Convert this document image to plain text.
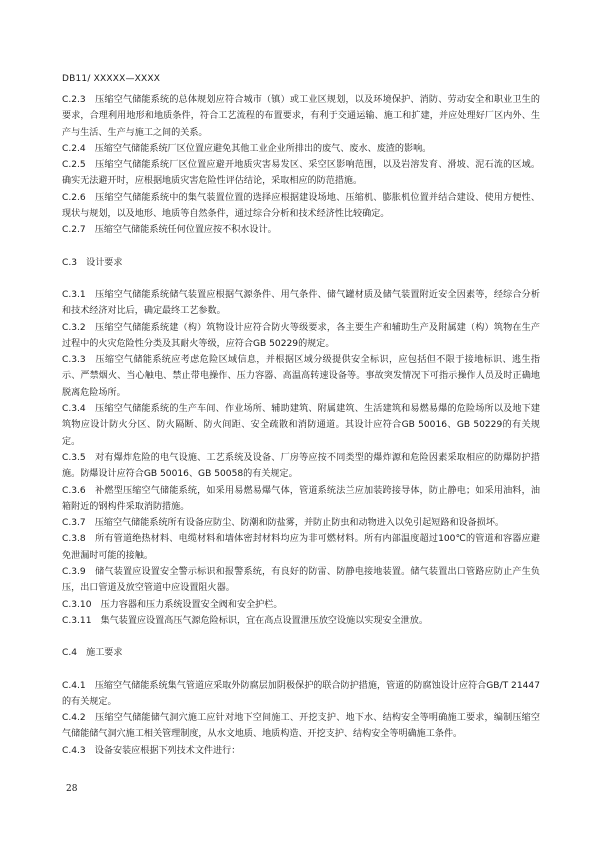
DB11/ XXXXX—XXXX

C.2.3　压缩空气储能系统的总体规划应符合城市（镇）或工业区规划，以及环境保护、消防、劳动安全和职业卫生的要求，合理利用地形和地质条件，符合工艺流程的布置要求，有利于交通运输、施工和扩建，并应处理好厂区内外、生产与生活、生产与施工之间的关系。

C.2.4　压缩空气储能系统厂区位置应避免其他工业企业所排出的废气、废水、废渣的影响。

C.2.5　压缩空气储能系统厂区位置应避开地质灾害易发区、采空区影响范围，以及岩溶发育、滑坡、泥石流的区域。确实无法避开时，应根据地质灾害危险性评估结论，采取相应的防范措施。

C.2.6　压缩空气储能系统中的集气装置位置的选择应根据建设场地、压缩机、膨胀机位置并结合建设、使用方便性、现状与规划，以及地形、地质等自然条件，通过综合分析和技术经济性比较确定。

C.2.7　压缩空气储能系统任何位置应按不积水设计。

C.3　设计要求

C.3.1　压缩空气储能系统储气装置应根据气源条件、用气条件、储气罐材质及储气装置附近安全因素等，经综合分析和技术经济对比后，确定最终工艺参数。

C.3.2　压缩空气储能系统建（构）筑物设计应符合防火等级要求，各主要生产和辅助生产及附属建（构）筑物在生产过程中的火灾危险性分类及其耐火等级，应符合GB 50229的规定。

C.3.3　压缩空气储能系统应考虑危险区域信息，并根据区域分级提供安全标识，应包括但不限于接地标识、逃生指示、严禁烟火、当心触电、禁止带电操作、压力容器、高温高转速设备等。事故突发情况下可指示操作人员及时正确地脱离危险场所。

C.3.4　压缩空气储能系统的生产车间、作业场所、辅助建筑、附属建筑、生活建筑和易燃易爆的危险场所以及地下建筑物应设计防火分区、防火隔断、防火间距、安全疏散和消防通道。其设计应符合GB 50016、GB 50229的有关规定。

C.3.5　对有爆炸危险的电气设施、工艺系统及设备、厂房等应按不同类型的爆炸源和危险因素采取相应的防爆防护措施。防爆设计应符合GB 50016、GB 50058的有关规定。

C.3.6　补燃型压缩空气储能系统，如采用易燃易爆气体，管道系统法兰应加装跨接导体，防止静电；如采用油料，油箱附近的钢构件采取消防措施。

C.3.7　压缩空气储能系统所有设备应防尘、防潮和防盐雾，并防止防虫和动物进入以免引起短路和设备损坏。

C.3.8　所有管道绝热材料、电缆材料和墙体密封材料均应为非可燃材料。所有内部温度超过100℃的管道和容器应避免泄漏时可能的接触。

C.3.9　储气装置应设置安全警示标识和报警系统，有良好的防雷、防静电接地装置。储气装置出口管路应防止产生负压，出口管道及放空管道中应设置阻火器。

C.3.10　压力容器和压力系统设置安全阀和安全护栏。

C.3.11　集气装置应设置高压气源危险标识，宜在高点设置泄压放空设施以实现安全泄放。

C.4　施工要求

C.4.1　压缩空气储能系统集气管道应采取外防腐层加阴极保护的联合防护措施，管道的防腐蚀设计应符合GB/T 21447的有关规定。

C.4.2　压缩空气储能储气洞穴施工应针对地下空间施工、开挖支护、地下水、结构安全等明确施工要求，编制压缩空气储能储气洞穴施工相关管理制度，从水文地质、地质构造、开挖支护、结构安全等明确施工条件。

C.4.3　设备安装应根据下列技术文件进行：

28
